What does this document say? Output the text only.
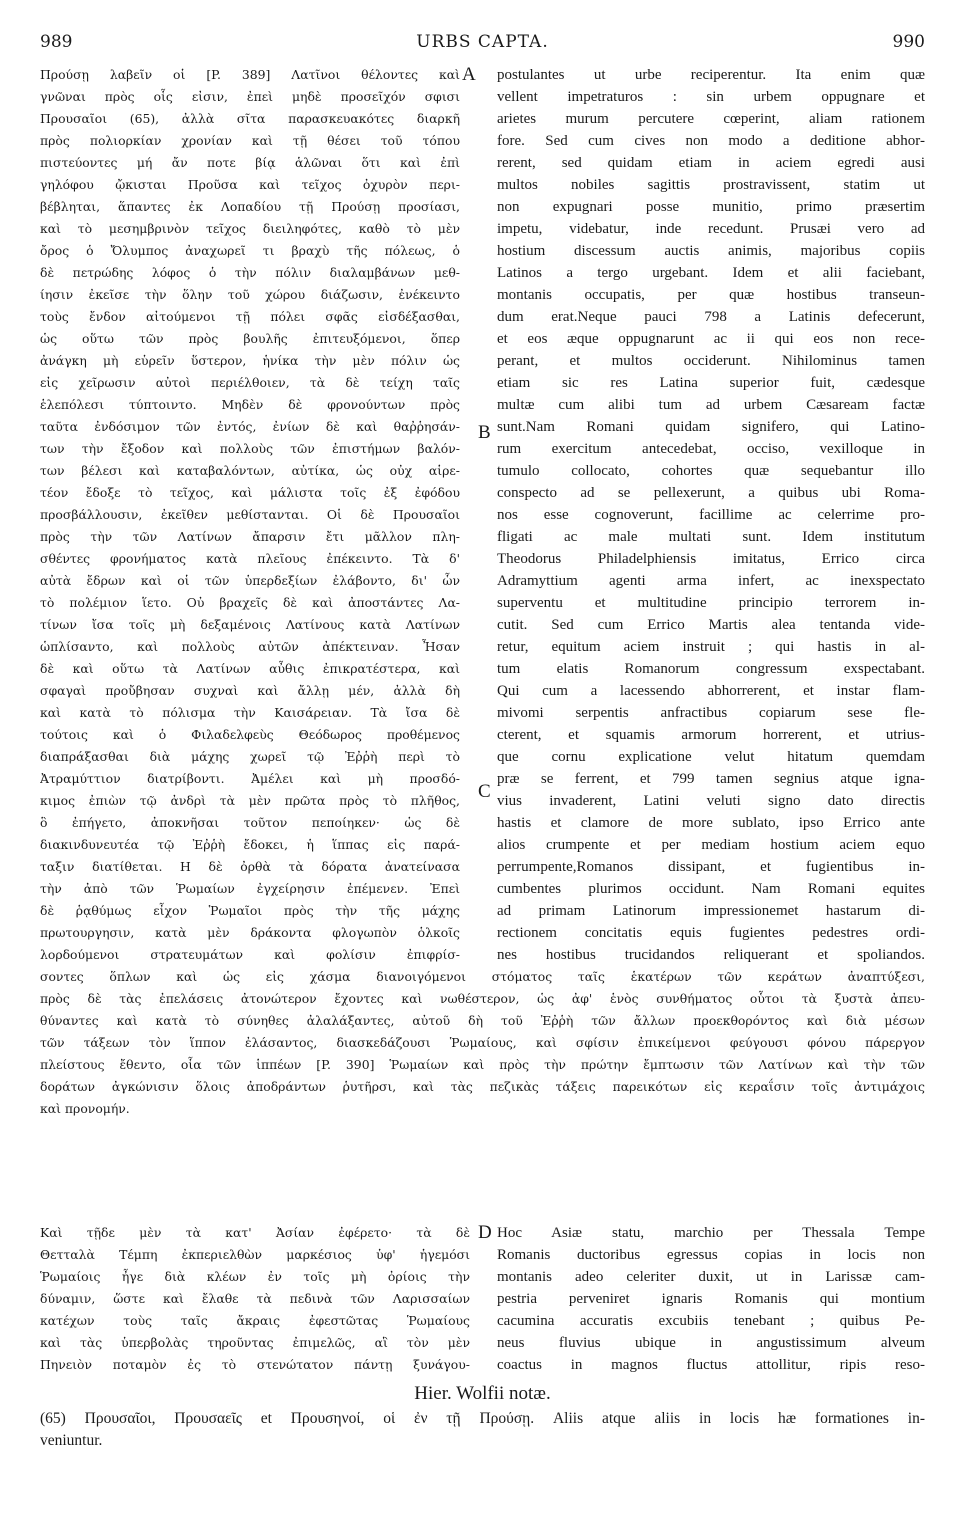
989	URBS CAPTA.	990
A
B
C
D
Προύσῃ λαβεῖν οἱ [P. 389] Λατῖνοι θέλοντες καὶ
γνῶναι πρὸς οἷς εἰσιν, ἐπεὶ μηδὲ προσεῖχόν σφισι
Προυσαῖοι (65), ἀλλὰ σῖτα παρασκευακότες διαρκῆ
πρὸς πολιορκίαν χρονίαν καὶ τῇ θέσει τοῦ τόπου
πιστεύοντες μή ἄν ποτε βίᾳ ἁλῶναι ὅτι καὶ ἐπὶ
γηλόφου ᾤκισται Προῦσα καὶ τεῖχος ὀχυρὸν περι-
βέβληται, ἅπαντες ἐκ Λοπαδίου τῇ Προύσῃ προσίασι,
καὶ τὸ μεσημβρινὸν τεῖχος διειληφότες, καθὸ τὸ μὲν
ὄρος ὁ Ὄλυμπος ἀναχωρεῖ τι βραχὺ τῆς πόλεως, ὁ
δὲ πετρώδης λόφος ὁ τὴν πόλιν διαλαμβάνων μεθ-
ίησιν ἐκεῖσε τὴν ὅλην τοῦ χώρου διάζωσιν, ἐνέκειντο
τοὺς ἔνδον αἰτούμενοι τῇ πόλει σφᾶς εἰσδέξασθαι,
ὡς οὕτω τῶν πρὸς βουλῆς ἐπιτευξόμενοι, ὅπερ
ἀνάγκη μὴ εὑρεῖν ὕστερον, ἡνίκα τὴν μὲν πόλιν ὡς
εἰς χεῖρωσιν αὐτοὶ περιέλθοιεν, τὰ δὲ τείχη ταῖς
ἑλεπόλεσι τύπτοιντο. Μηδὲν δὲ φρονούντων πρὸς
ταῦτα ἐνδόσιμον τῶν ἐντός, ἐνίων δὲ καὶ θαῤῥησάν-
των τὴν ἔξοδον καὶ πολλοὺς τῶν ἐπιστήμων βαλόν-
των βέλεσι καὶ καταβαλόντων, αὐτίκα, ὡς οὐχ αἱρε-
τέον ἔδοξε τὸ τεῖχος, καὶ μάλιστα τοῖς ἐξ ἐφόδου
προσβάλλουσιν, ἐκεῖθεν μεθίστανται. Οἱ δὲ Προυσαῖοι
πρὸς τὴν τῶν Λατίνων ἄπαρσιν ἔτι μᾶλλον πλη-
σθέντες φρονήματος κατὰ πλεῖους ἐπέκειντο. Τὰ δ'
αὐτὰ ἔδρων καὶ οἱ τῶν ὑπερδεξίων ἐλάβοντο, δι' ὧν
τὸ πολέμιον ἵετο. Οὐ βραχεῖς δὲ καὶ ἀποστάντες Λα-
τίνων ἴσα τοῖς μὴ δεξαμένοις Λατίνους κατὰ Λατίνων
ὡπλίσαντο, καὶ πολλοὺς αὐτῶν ἀπέκτειναν. Ἦσαν
δὲ καὶ οὕτω τὰ Λατίνων αὖθις ἐπικρατέστερα, καὶ
σφαγαὶ προὔβησαν συχναὶ καὶ ἄλλῃ μέν, ἀλλὰ δὴ
καὶ κατὰ τὸ πόλισμα τὴν Καισάρειαν. Τὰ ἴσα δὲ
τούτοις καὶ ὁ Φιλαδελφεὺς Θεόδωρος προθέμενος
διαπράξασθαι διὰ μάχης χωρεῖ τῷ Ἐῤῥὴ περὶ τὸ
Ἀτραμύττιον διατρίβοντι. Ἀμέλει καὶ μὴ προσδό-
κιμος ἐπιὼν τῷ ἀνδρὶ τὰ μὲν πρῶτα πρὸς τὸ πλῆθος,
ὃ ἐπήγετο, ἀποκνῆσαι τοῦτον πεποίηκεν· ὡς δὲ
διακινδυνευτέα τῷ Ἐῤῥὴ ἔδοκει, ἡ ἵππας εἰς παρά-
ταξιν διατίθεται. Η δὲ ὀρθὰ τὰ δόρατα ἀνατείνασα
τὴν ἀπὸ τῶν Ῥωμαίων ἐγχείρησιν ἐπέμενεν. Ἐπεὶ
δὲ ῥᾳθύμως εἶχον Ῥωμαῖοι πρὸς τὴν τῆς μάχης
πρωτουργησιν, κατὰ μὲν δράκοντα φλογωπὸν ὁλκοῖς
λορδούμενοι στρατευμάτων καὶ φολίσιν ἐπιφρίσ-
postulantes ut urbe reciperentur. Ita enim quæ
vellent impetraturos : sin urbem oppugnare et
arietes murum percutere cœperint, aliam rationem
fore. Sed cum cives non modo a deditione abhor-
rerent, sed quidam etiam in aciem egredi ausi
multos nobiles sagittis prostravissent, statim ut
non expugnari posse munitio, primo præsertim
impetu, videbatur, inde recedunt. Prusæi vero ad
hostium discessum auctis animis, majoribus copiis
Latinos a tergo urgebant. Idem et alii faciebant,
montanis occupatis, per quæ hostibus transeun-
dum erat.Neque pauci 798 a Latinis defecerunt,
et eos æque oppugnarunt ac ii qui eos non rece-
perant, et multos occiderunt. Nihilominus tamen
etiam sic res Latina superior fuit, cædesque
multæ cum alibi tum ad urbem Cæsaream factæ
sunt.Nam Romani quidam signifero, qui Latino-
rum exercitum antecedebat, occiso, vexilloque in
tumulo collocato, cohortes quæ sequebantur illo
conspecto ad se pellexerunt, a quibus ubi Roma-
nos esse cognoverunt, facillime ac celerrime pro-
fligati ac male multati sunt. Idem institutum
Theodorus Philadelphiensis imitatus, Errico circa
Adramyttium agenti arma infert, ac inexspectato
superventu et multitudine principio terrorem in-
cutit. Sed cum Errico Martis alea tentanda vide-
retur, equitum aciem instruit ; qui hastis in al-
tum elatis Romanorum congressum exspectabant.
Qui cum a lacessendo abhorrerent, et instar flam-
mivomi serpentis anfractibus copiarum sese fle-
cterent, et squamis armorum horrerent, et utrius-
que cornu explicatione velut hitatum quemdam
præ se ferrent, et 799 tamen segnius atque igna-
vius invaderent, Latini veluti signo dato directis
hastis et clamore de more sublato, ipso Errico ante
alios crumpente et per mediam hostium aciem equo
perrumpente,Romanos dissipant, et fugientibus in-
cumbentes plurimos occidunt. Nam Romani equites
ad primam Latinorum impressionemet hastarum di-
rectionem concitatis equis fugientes pedestres ordi-
nes hostibus trucidandos reliquerant et spoliandos.
σοντες ὅπλων καὶ ὡς εἰς χάσμα διανοιγόμενοι στόματος ταῖς ἑκατέρων τῶν κεράτων ἀναπτύξεσι,
πρὸς δὲ τὰς ἐπελάσεις ἀτονώτερον ἔχοντες καὶ νωθέστερον, ὡς ἀφ' ἑνὸς συνθήματος οὗτοι τὰ ξυστὰ ἀπευ-
θύναντες καὶ κατὰ τὸ σύνηθες ἀλαλάξαντες, αὐτοῦ δὴ τοῦ Ἐῤῥὴ τῶν ἄλλων προεκθορόντος καὶ διὰ μέσων
τῶν τάξεων τὸν ἵππον ἐλάσαντος, διασκεδάζουσι Ῥωμαίους, καὶ σφίσιν ἐπικείμενοι φεύγουσι φόνου πάρεργον
πλείστους ἔθεντο, οἷα τῶν ἱππέων [P. 390] Ῥωμαίων καὶ πρὸς τὴν πρώτην ἔμπτωσιν τῶν Λατίνων καὶ τὴν τῶν
δοράτων ἀγκώνισιν ὅλοις ἀποδράντων ῥυτῆρσι, καὶ τὰς πεζικὰς τάξεις παρεικότων εἰς κεραΐσιν τοῖς ἀντιμάχοις
καὶ προνομήν.
Καὶ τῇδε μὲν τὰ κατ' Ἀσίαν ἐφέρετο· τὰ δὲ
Θετταλὰ Τέμπη ἐκπεριελθὼν μαρκέσιος ὑφ' ἡγεμόσι
Ῥωμαίοις ἦγε διὰ κλέων ἐν τοῖς μὴ ὀρίοις τὴν
δύναμιν, ὥστε καὶ ἔλαθε τὰ πεδινὰ τῶν Λαρισσαίων
κατέχων τοὺς ταῖς ἄκραις ἐφεστῶτας Ῥωμαίους
καὶ τὰς ὑπερβολὰς τηροῦντας ἐπιμελῶς, αἳ τὸν μὲν
Πηνειὸν ποταμὸν ἐς τὸ στενώτατον πάντῃ ξυνάγου-
Hoc Asiæ statu, marchio per Thessala Tempe
Romanis ductoribus egressus copias in locis non
montanis adeo celeriter duxit, ut in Larissæ cam-
pestria perveniret ignaris Romanis qui montium
cacumina accuratis excubiis tenebant ; quibus Pe-
neus fluvius ubique in angustissimum alveum
coactus in magnos fluctus attollitur, ripis reso-
Hier. Wolfii notæ.
(65) Προυσαῖοι, Προυσαεῖς et Προυσηνοί, οἱ ἐν τῇ Προύσῃ. Aliis atque aliis in locis hæ formationes in-
veniuntur.
